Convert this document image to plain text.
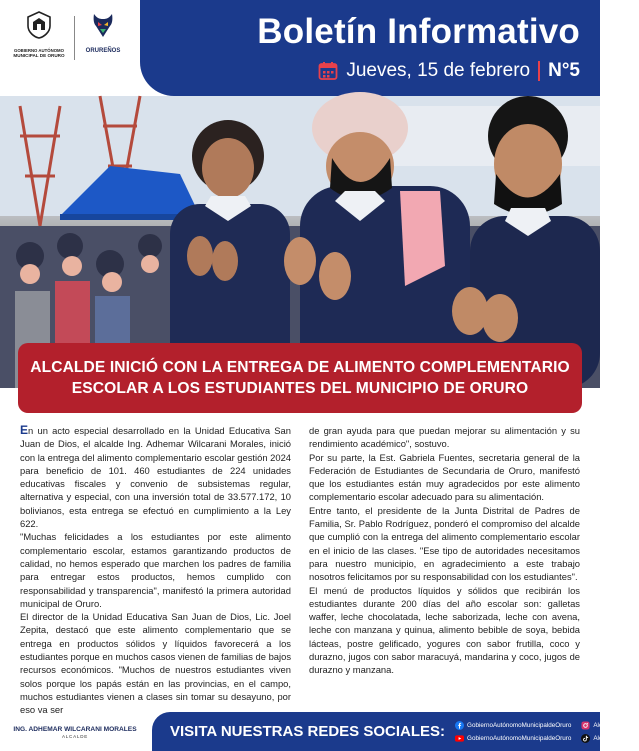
GOBIERNO AUTÓNOMO
MUNICIPAL DE ORURO
ORUREÑOS	Boletín Informativo
Jueves, 15 de febrero N°5
ALCALDE INICIÓ CON LA ENTREGA DE ALIMENTO COMPLEMENTARIO
ESCOLAR A LOS ESTUDIANTES DEL MUNICIPIO DE ORURO

En un acto especial desarrollado en la Unidad Educativa San Juan de Dios, el alcalde Ing. Adhemar Wilcarani Morales, inició con la entrega del alimento complementario escolar gestión 2024 para beneficio de 101. 460 estudiantes de 224 unidades educativas fiscales y convenio de subsistemas regular, alternativa y especial, con una inversión total de 33.577.172, 10 bolivianos, esta entrega se efectuó en cumplimiento a la Ley 622.

"Muchas felicidades a los estudiantes por este alimento complementario escolar, estamos garantizando productos de calidad, no hemos esperado que marchen los padres de familia para entregar estos productos, hemos cumplido con responsabilidad y transparencia", manifestó la primera autoridad municipal de Oruro.

El director de la Unidad Educativa San Juan de Dios, Lic. Joel Zepita, destacó que este alimento complementario que se entrega en productos sólidos y líquidos favorecerá a los estudiantes porque en muchos casos vienen de familias de bajos recursos económicos. "Muchos de nuestros estudiantes viven solos porque los papás están en las provincias, en el campo, muchos estudiantes vienen a clases sin tomar su desayuno, por eso va ser

de gran ayuda para que puedan mejorar su alimentación y su rendimiento académico", sostuvo.

Por su parte, la Est. Gabriela Fuentes, secretaria general de la Federación de Estudiantes de Secundaria de Oruro, manifestó que los estudiantes están muy agradecidos por este alimento complementario escolar adecuado para su alimentación.

Entre tanto, el presidente de la Junta Distrital de Padres de Familia, Sr. Pablo Rodríguez, ponderó el compromiso del alcalde que cumplió con la entrega del alimento complementario escolar en el inicio de las clases. "Ese tipo de autoridades necesitamos para nuestro municipio, en agradecimiento a este trabajo nosotros felicitamos por su responsabilidad con los estudiantes".

El menú de productos líquidos y sólidos que recibirán los estudiantes durante 200 días del año escolar son: galletas waffer, leche chocolatada, leche saborizada, leche con avena, leche con manzana y quinua, alimento bebible de soya, bebida lácteas, postre gelificado, yogures con sabor frutilla, coco y durazno, jugos con sabor maracuyá, mandarina y coco, jugos de durazno y manzana.

ING. ADHEMAR WILCARANI MORALES
ALCALDE	VISITA NUESTRAS REDES SOCIALES:	GobiernoAutónomoMunicipaldeOruro	AlcaldiadeOruro
GobiernoAutónomoMunicipaldeOruro	AlcaldiaOruro
